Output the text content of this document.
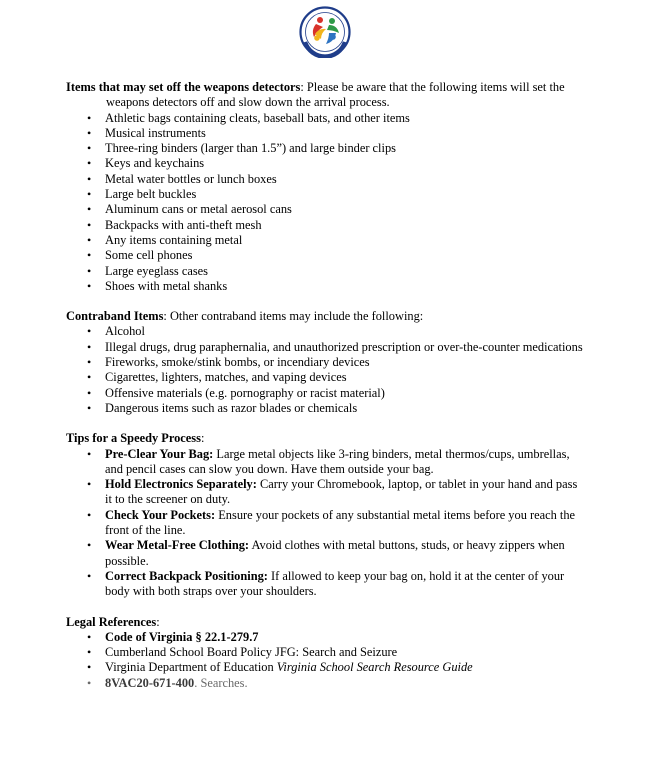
Items that may set off the weapons detectors: Please be aware that the following items will set the weapons detectors off and slow down the arrival process.

• Athletic bags containing cleats, baseball bats, and other items
• Musical instruments
• Three-ring binders (larger than 1.5”) and large binder clips
• Keys and keychains
• Metal water bottles or lunch boxes
• Large belt buckles
• Aluminum cans or metal aerosol cans
• Backpacks with anti-theft mesh
• Any items containing metal
• Some cell phones
• Large eyeglass cases
• Shoes with metal shanks

Contraband Items: Other contraband items may include the following:

• Alcohol
• Illegal drugs, drug paraphernalia, and unauthorized prescription or over-the-counter medications
• Fireworks, smoke/stink bombs, or incendiary devices
• Cigarettes, lighters, matches, and vaping devices
• Offensive materials (e.g. pornography or racist material)
• Dangerous items such as razor blades or chemicals

Tips for a Speedy Process:

• Pre-Clear Your Bag: Large metal objects like 3-ring binders, metal thermos/cups, umbrellas, and pencil cases can slow you down. Have them outside your bag.
• Hold Electronics Separately: Carry your Chromebook, laptop, or tablet in your hand and pass it to the screener on duty.
• Check Your Pockets: Ensure your pockets of any substantial metal items before you reach the front of the line.
• Wear Metal-Free Clothing: Avoid clothes with metal buttons, studs, or heavy zippers when possible.
• Correct Backpack Positioning: If allowed to keep your bag on, hold it at the center of your body with both straps over your shoulders.

Legal References:

• Code of Virginia § 22.1-279.7
• Cumberland School Board Policy JFG: Search and Seizure
• Virginia Department of Education Virginia School Search Resource Guide
• 8VAC20-671-400. Searches.
